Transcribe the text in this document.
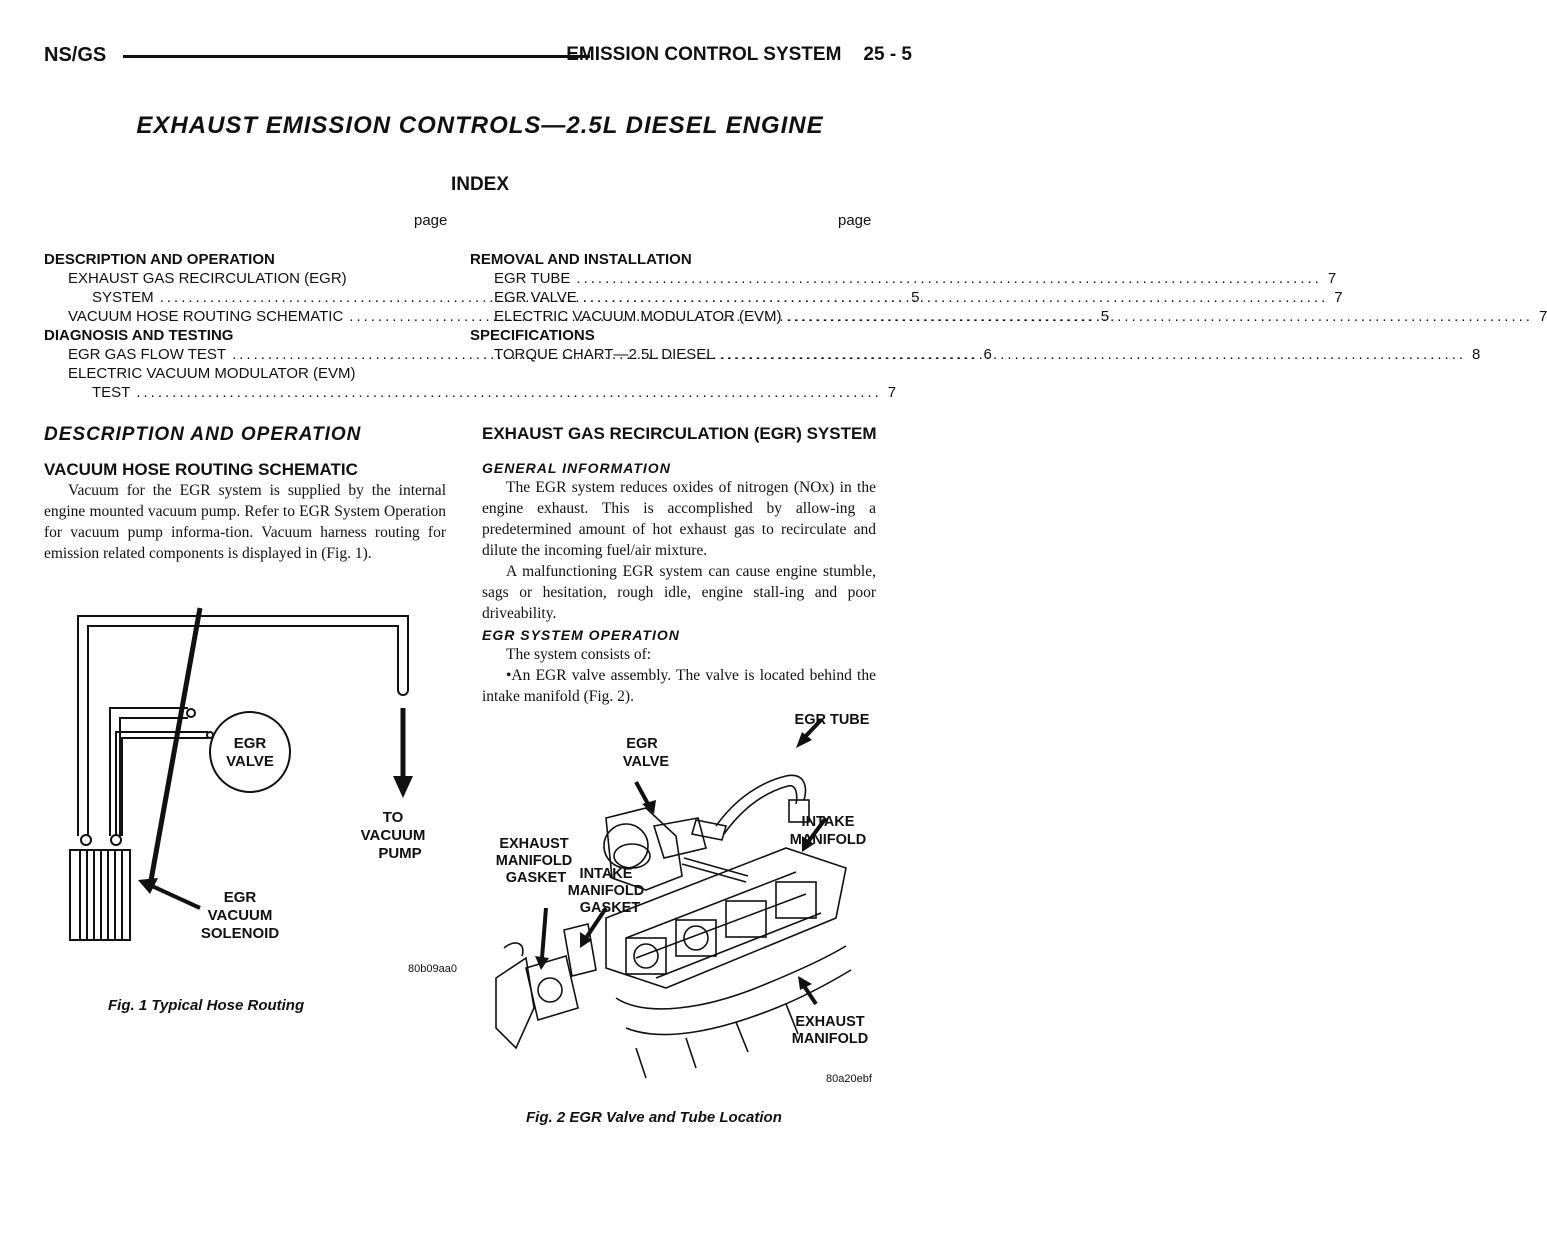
NS/GS	EMISSION CONTROL SYSTEM 25 - 5
EXHAUST EMISSION CONTROLS—2.5L DIESEL ENGINE
INDEX
page	page
DESCRIPTION AND OPERATION
EXHAUST GAS RECIRCULATION (EGR)
SYSTEM .....	5
VACUUM HOSE ROUTING SCHEMATIC .....	5
DIAGNOSIS AND TESTING
EGR GAS FLOW TEST .....	6
ELECTRIC VACUUM MODULATOR (EVM)
TEST .....	7
REMOVAL AND INSTALLATION
EGR TUBE .....	7
EGR VALVE .....	7
ELECTRIC VACUUM MODULATOR (EVM) .....	7
SPECIFICATIONS
TORQUE CHART—2.5L DIESEL .....	8
DESCRIPTION AND OPERATION
VACUUM HOSE ROUTING SCHEMATIC

Vacuum for the EGR system is supplied by the internal engine mounted vacuum pump. Refer to EGR System Operation for vacuum pump informa-tion. Vacuum harness routing for emission related components is displayed in (Fig. 1).

EGR
VALVE
TO
VACUUM
PUMP
EGR
VACUUM
SOLENOID
80b09aa0
Fig. 1 Typical Hose Routing
EXHAUST GAS RECIRCULATION (EGR) SYSTEM
GENERAL INFORMATION

The EGR system reduces oxides of nitrogen (NOx) in the engine exhaust. This is accomplished by allow-ing a predetermined amount of hot exhaust gas to recirculate and dilute the incoming fuel/air mixture.

A malfunctioning EGR system can cause engine stumble, sags or hesitation, rough idle, engine stall-ing and poor driveability.

EGR SYSTEM OPERATION

The system consists of:

•An EGR valve assembly. The valve is located behind the intake manifold (Fig. 2).

EGR TUBE
EGR
VALVE
INTAKE
MANIFOLD
EXHAUST
MANIFOLD
GASKET INTAKE
MANIFOLD
GASKET
EXHAUST
MANIFOLD
80a20ebf
Fig. 2 EGR Valve and Tube Location
